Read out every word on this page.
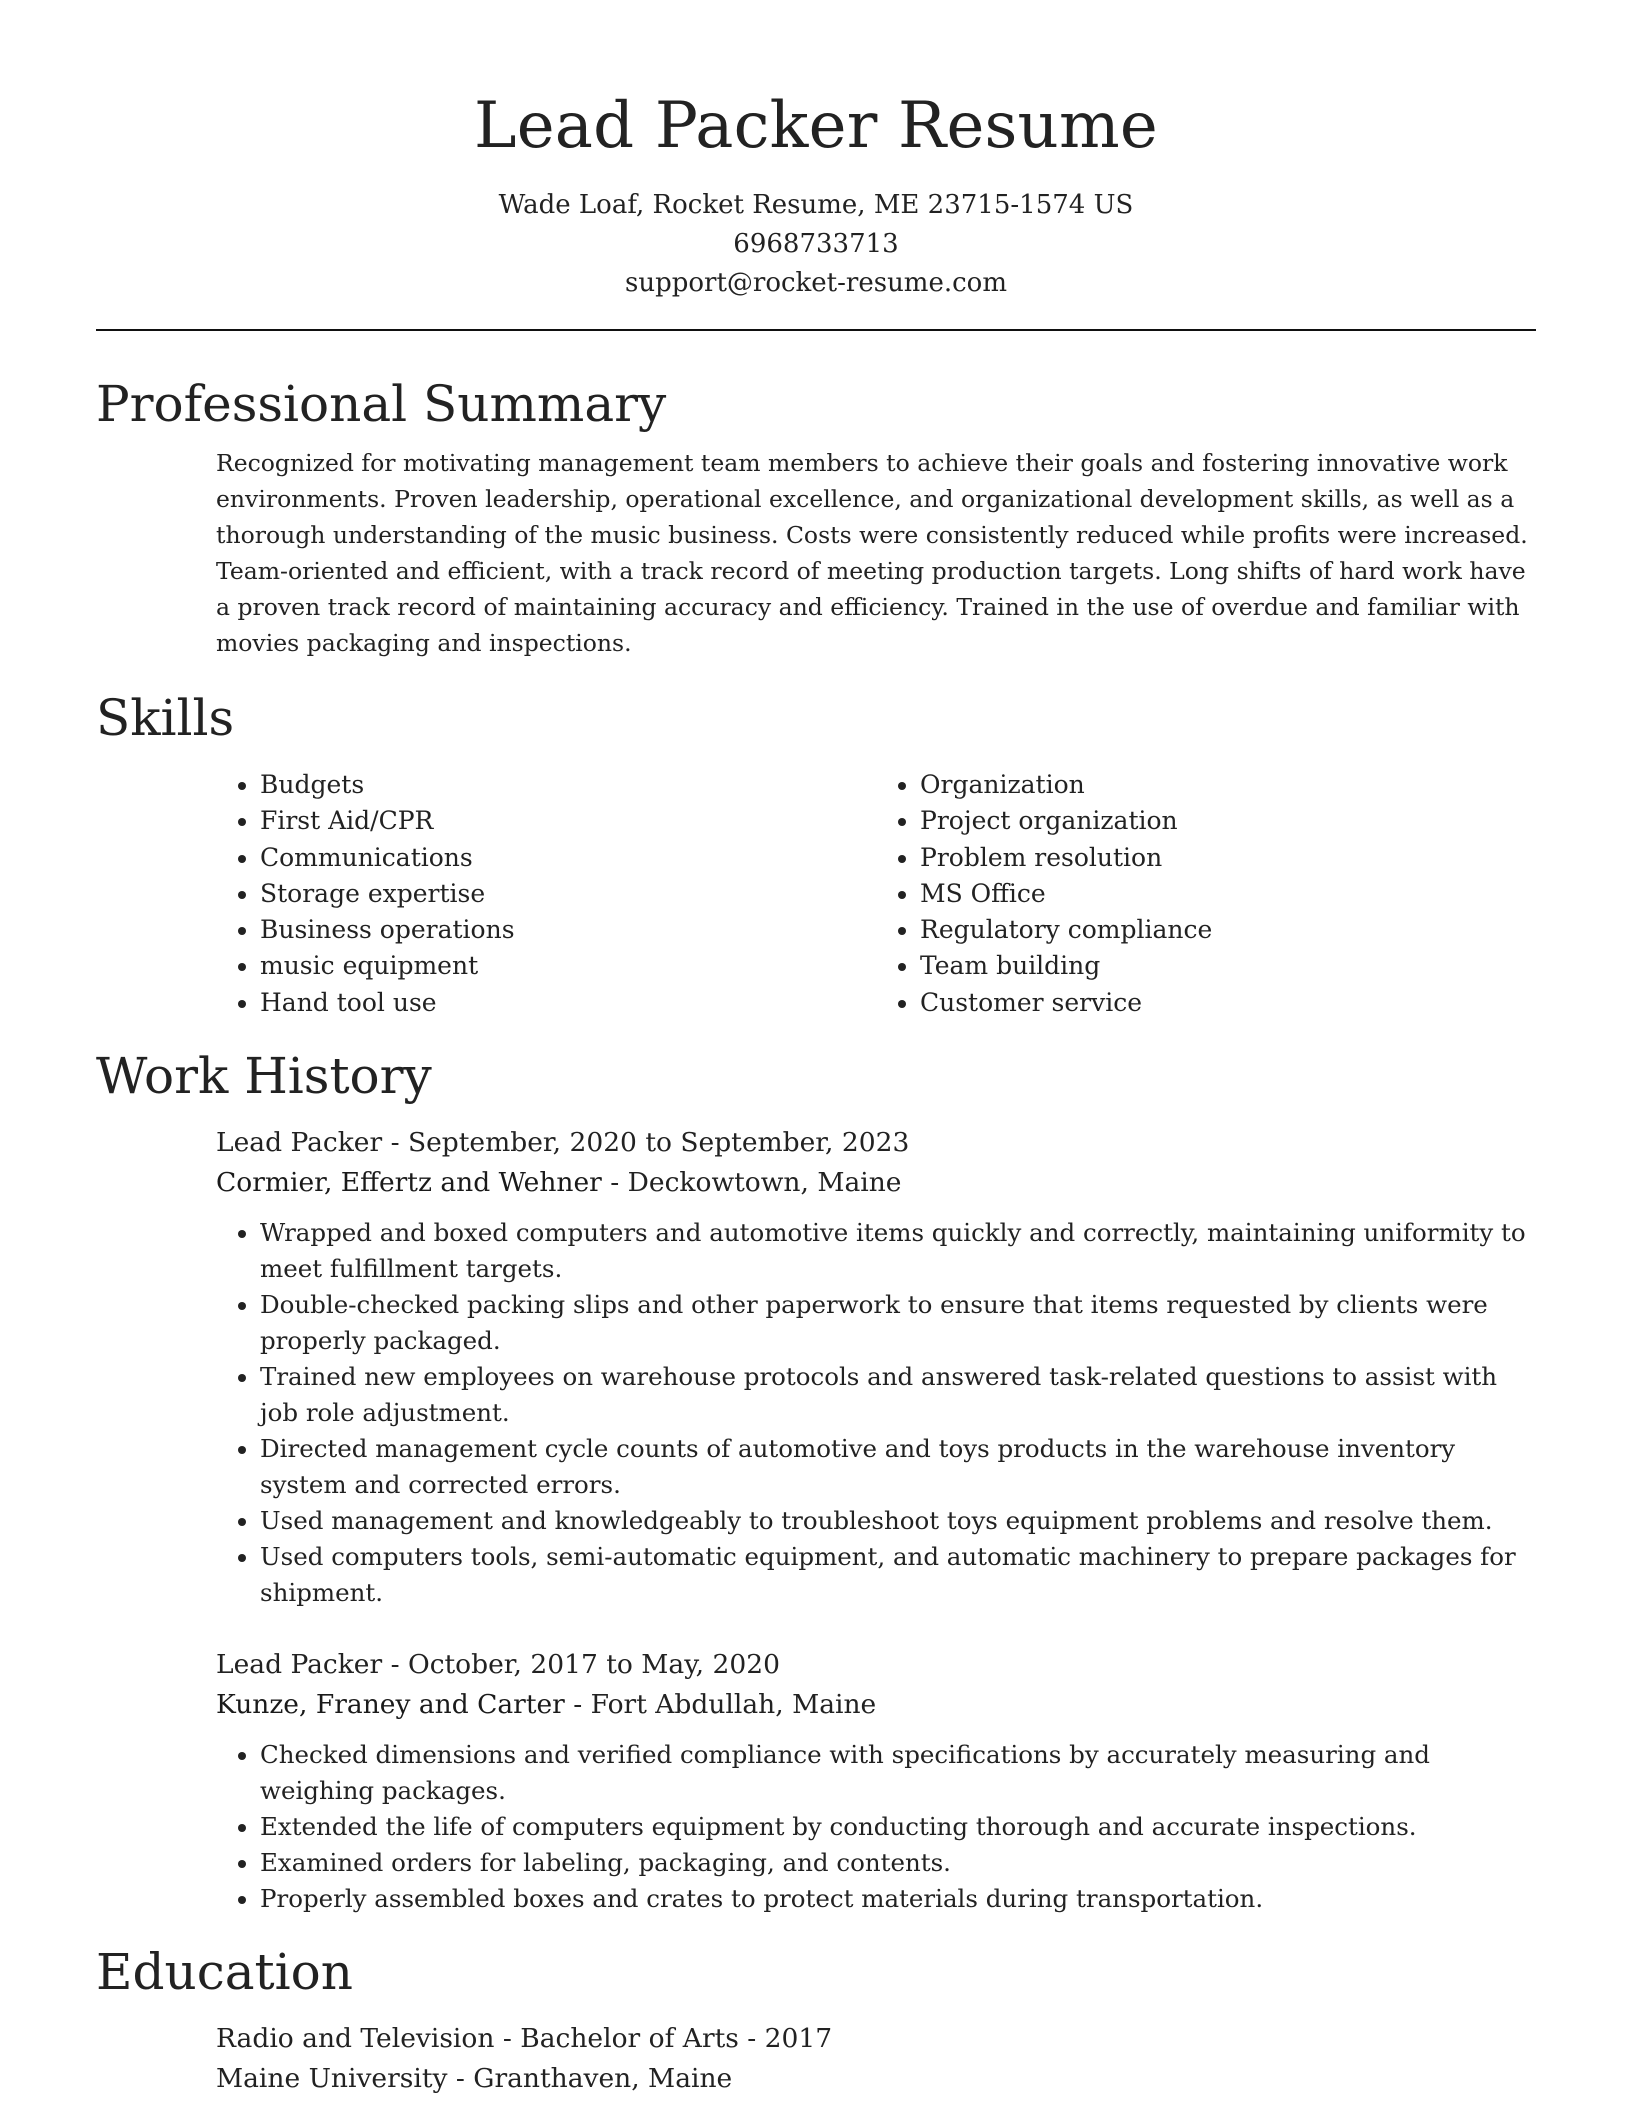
Lead Packer Resume
Wade Loaf, Rocket Resume, ME 23715-1574 US
6968733713
support@rocket-resume.com
Professional Summary

Recognized for motivating management team members to achieve their goals and fostering innovative work environments. Proven leadership, operational excellence, and organizational development skills, as well as a thorough understanding of the music business. Costs were consistently reduced while profits were increased. Team-oriented and efficient, with a track record of meeting production targets. Long shifts of hard work have a proven track record of maintaining accuracy and efficiency. Trained in the use of overdue and familiar with movies packaging and inspections.

Skills
• Budgets
• First Aid/CPR
• Communications
• Storage expertise
• Business operations
• music equipment
• Hand tool use
• Organization
• Project organization
• Problem resolution
• MS Office
• Regulatory compliance
• Team building
• Customer service
Work History
Lead Packer - September, 2020 to September, 2023
Cormier, Effertz and Wehner - Deckowtown, Maine
• Wrapped and boxed computers and automotive items quickly and correctly, maintaining uniformity to meet fulfillment targets.
• Double-checked packing slips and other paperwork to ensure that items requested by clients were properly packaged.
• Trained new employees on warehouse protocols and answered task-related questions to assist with job role adjustment.
• Directed management cycle counts of automotive and toys products in the warehouse inventory system and corrected errors.
• Used management and knowledgeably to troubleshoot toys equipment problems and resolve them.
• Used computers tools, semi-automatic equipment, and automatic machinery to prepare packages for shipment.
Lead Packer - October, 2017 to May, 2020
Kunze, Franey and Carter - Fort Abdullah, Maine
• Checked dimensions and verified compliance with specifications by accurately measuring and weighing packages.
• Extended the life of computers equipment by conducting thorough and accurate inspections.
• Examined orders for labeling, packaging, and contents.
• Properly assembled boxes and crates to protect materials during transportation.
Education
Radio and Television - Bachelor of Arts - 2017
Maine University - Granthaven, Maine
